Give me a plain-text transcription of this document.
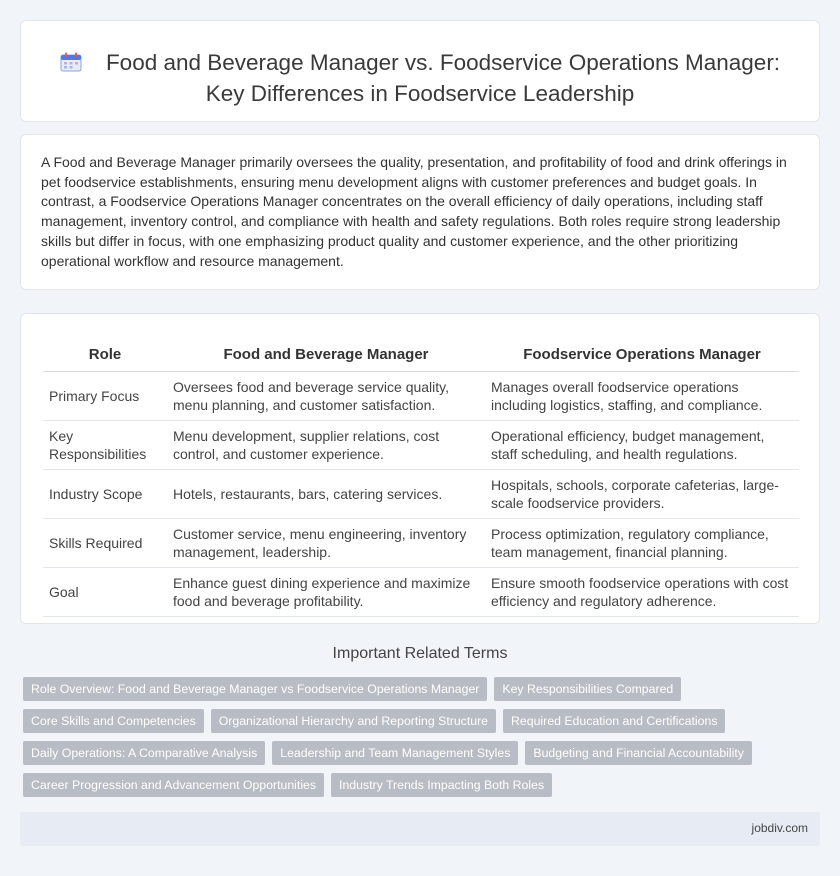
Food and Beverage Manager vs. Foodservice Operations Manager:
Key Differences in Foodservice Leadership

A Food and Beverage Manager primarily oversees the quality, presentation, and profitability of food and drink offerings in pet foodservice establishments, ensuring menu development aligns with customer preferences and budget goals. In contrast, a Foodservice Operations Manager concentrates on the overall efficiency of daily operations, including staff management, inventory control, and compliance with health and safety regulations. Both roles require strong leadership skills but differ in focus, with one emphasizing product quality and customer experience, and the other prioritizing operational workflow and resource management.

Role	Food and Beverage Manager	Foodservice Operations Manager
Primary Focus	Oversees food and beverage service quality, menu planning, and customer satisfaction.	Manages overall foodservice operations including logistics, staffing, and compliance.
Key Responsibilities	Menu development, supplier relations, cost control, and customer experience.	Operational efficiency, budget management, staff scheduling, and health regulations.
Industry Scope	Hotels, restaurants, bars, catering services.	Hospitals, schools, corporate cafeterias, large-scale foodservice providers.
Skills Required	Customer service, menu engineering, inventory management, leadership.	Process optimization, regulatory compliance, team management, financial planning.
Goal	Enhance guest dining experience and maximize food and beverage profitability.	Ensure smooth foodservice operations with cost efficiency and regulatory adherence.
Important Related Terms
Role Overview: Food and Beverage Manager vs Foodservice Operations Manager Key Responsibilities Compared
Core Skills and Competencies Organizational Hierarchy and Reporting Structure Required Education and Certifications
Daily Operations: A Comparative Analysis Leadership and Team Management Styles Budgeting and Financial Accountability
Career Progression and Advancement Opportunities Industry Trends Impacting Both Roles
jobdiv.com
